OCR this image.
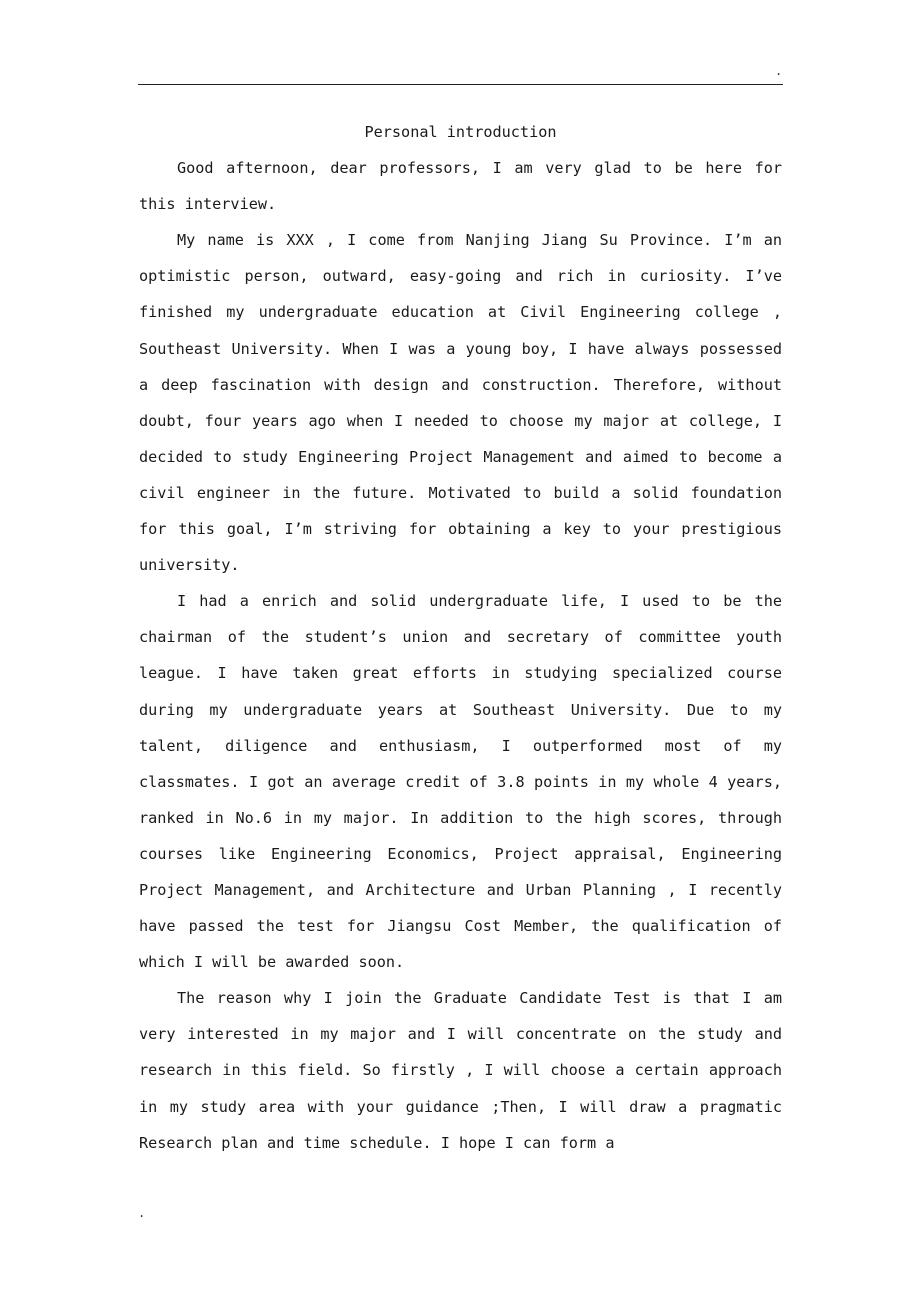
.
Personal introduction

Good afternoon, dear professors, I am very glad to be here for this interview.

My name is XXX , I come from Nanjing Jiang Su Province. I’m an optimistic person, outward, easy-going and rich in curiosity. I’ve finished my undergraduate education at Civil Engineering college , Southeast University. When I was a young boy, I have always possessed a deep fascination with design and construction. Therefore, without doubt, four years ago when I needed to choose my major at college, I decided to study Engineering Project Management and aimed to become a civil engineer in the future. Motivated to build a solid foundation for this goal, I’m striving for obtaining a key to your prestigious university.

I had a enrich and solid undergraduate life, I used to be the chairman of the student’s union and secretary of committee youth league. I have taken great efforts in studying specialized course during my undergraduate years at Southeast University. Due to my talent, diligence and enthusiasm, I outperformed most of my classmates. I got an average credit of 3.8 points in my whole 4 years, ranked in No.6 in my major. In addition to the high scores, through courses like Engineering Economics, Project appraisal, Engineering Project Management, and Architecture and Urban Planning , I recently have passed the test for Jiangsu Cost Member, the qualification of which I will be awarded soon.

The reason why I join the Graduate Candidate Test is that I am very interested in my major and I will concentrate on the study and research in this field. So firstly , I will choose a certain approach in my study area with your guidance ;Then, I will draw a pragmatic Research plan and time schedule. I hope I can form a

.
